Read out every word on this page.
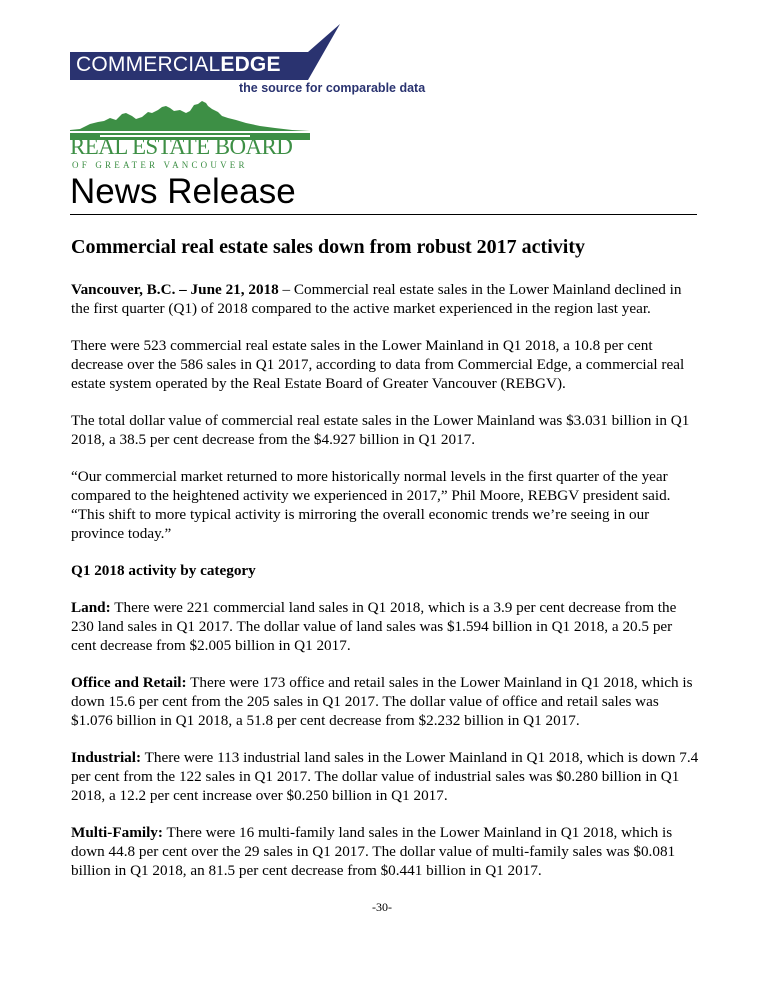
COMMERCIALEDGE
the source for comparable data
REAL ESTATE BOARD
OF GREATER VANCOUVER
News Release
Commercial real estate sales down from robust 2017 activity

Vancouver, B.C. – June 21, 2018 – Commercial real estate sales in the Lower Mainland declined in the first quarter (Q1) of 2018 compared to the active market experienced in the region last year.

There were 523 commercial real estate sales in the Lower Mainland in Q1 2018, a 10.8 per cent decrease over the 586 sales in Q1 2017, according to data from Commercial Edge, a commercial real estate system operated by the Real Estate Board of Greater Vancouver (REBGV).

The total dollar value of commercial real estate sales in the Lower Mainland was $3.031 billion in Q1 2018, a 38.5 per cent decrease from the $4.927 billion in Q1 2017.

“Our commercial market returned to more historically normal levels in the first quarter of the year compared to the heightened activity we experienced in 2017,” Phil Moore, REBGV president said. “This shift to more typical activity is mirroring the overall economic trends we’re seeing in our province today.”

Q1 2018 activity by category

Land: There were 221 commercial land sales in Q1 2018, which is a 3.9 per cent decrease from the 230 land sales in Q1 2017. The dollar value of land sales was $1.594 billion in Q1 2018, a 20.5 per cent decrease from $2.005 billion in Q1 2017.

Office and Retail: There were 173 office and retail sales in the Lower Mainland in Q1 2018, which is down 15.6 per cent from the 205 sales in Q1 2017. The dollar value of office and retail sales was $1.076 billion in Q1 2018, a 51.8 per cent decrease from $2.232 billion in Q1 2017.

Industrial: There were 113 industrial land sales in the Lower Mainland in Q1 2018, which is down 7.4 per cent from the 122 sales in Q1 2017. The dollar value of industrial sales was $0.280 billion in Q1 2018, a 12.2 per cent increase over $0.250 billion in Q1 2017.

Multi-Family: There were 16 multi-family land sales in the Lower Mainland in Q1 2018, which is down 44.8 per cent over the 29 sales in Q1 2017. The dollar value of multi-family sales was $0.081 billion in Q1 2018, an 81.5 per cent decrease from $0.441 billion in Q1 2017.

-30-
